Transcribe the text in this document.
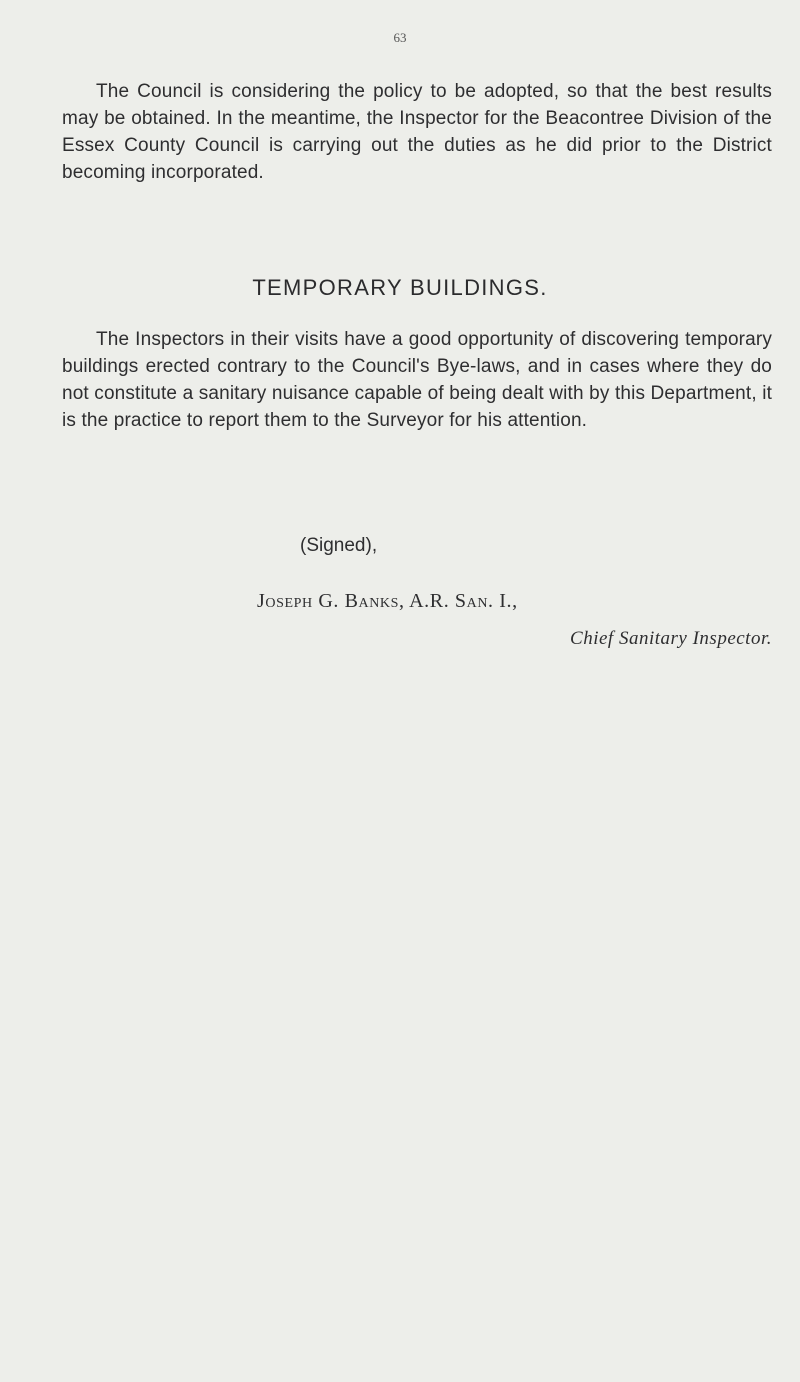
63

The Council is considering the policy to be adopted, so that the best results may be obtained. In the meantime, the Inspector for the Beacontree Division of the Essex County Council is carrying out the duties as he did prior to the District becoming incorporated.

TEMPORARY BUILDINGS.

The Inspectors in their visits have a good opportunity of discovering temporary buildings erected contrary to the Council's Bye-laws, and in cases where they do not constitute a sanitary nuisance capable of being dealt with by this Department, it is the practice to report them to the Surveyor for his attention.

(Signed),
Joseph G. Banks, A.R. San. I.,
Chief Sanitary Inspector.
